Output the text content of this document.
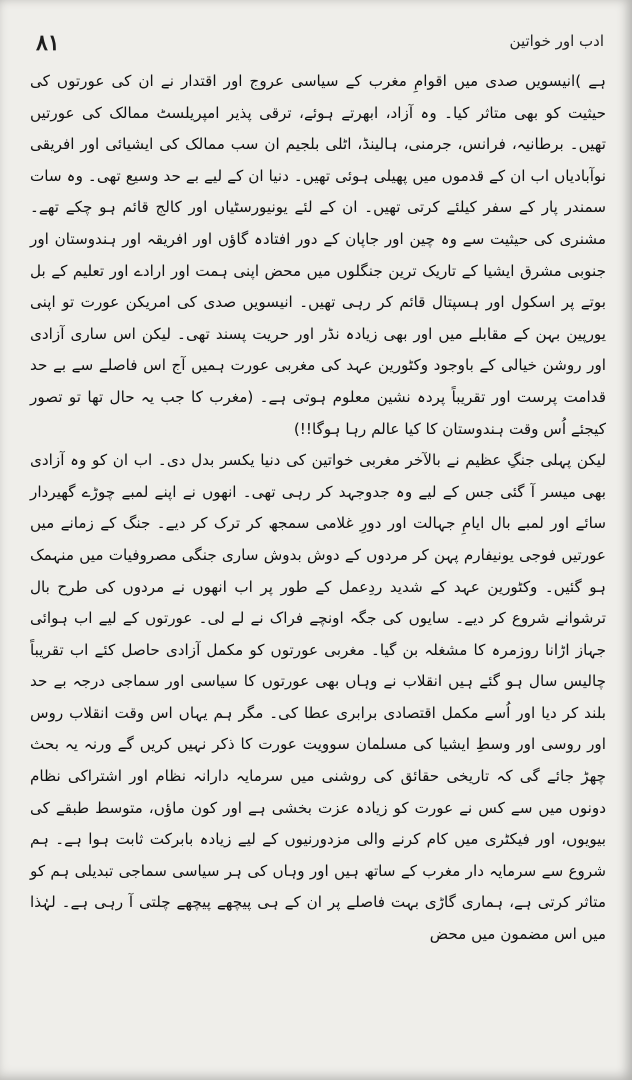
۸۱	ادب اور خواتین

ہے )انیسویں صدی میں اقوامِ مغرب کے سیاسی عروج اور اقتدار نے ان کی عورتوں کی حیثیت کو بھی متاثر کیا۔ وہ آزاد، ابھرتے ہوئے، ترقی پذیر امپریلسٹ ممالک کی عورتیں تھیں۔ برطانیہ، فرانس، جرمنی، ہالینڈ، اٹلی بلجیم ان سب ممالک کی ایشیائی اور افریقی نوآبادیاں اب ان کے قدموں میں پھیلی ہوئی تھیں۔ دنیا ان کے لیے بے حد وسیع تھی۔ وہ سات سمندر پار کے سفر کیلئے کرتی تھیں۔ ان کے لئے یونیورسٹیاں اور کالج قائم ہو چکے تھے۔ مشنری کی حیثیت سے وہ چین اور جاپان کے دور افتادہ گاؤں اور افریقہ اور ہندوستان اور جنوبی مشرق ایشیا کے تاریک ترین جنگلوں میں محض اپنی ہمت اور ارادے اور تعلیم کے بل بوتے پر اسکول اور ہسپتال قائم کر رہی تھیں۔ انیسویں صدی کی امریکن عورت تو اپنی یورپین بہن کے مقابلے میں اور بھی زیادہ نڈر اور حریت پسند تھی۔ لیکن اس ساری آزادی اور روشن خیالی کے باوجود وکٹورین عہد کی مغربی عورت ہمیں آج اس فاصلے سے بے حد قدامت پرست اور تقریباً پردہ نشین معلوم ہوتی ہے۔ (مغرب کا جب یہ حال تھا تو تصور کیجئے اُس وقت ہندوستان کا کیا عالم رہا ہوگا!!)

لیکن پہلی جنگِ عظیم نے بالآخر مغربی خواتین کی دنیا یکسر بدل دی۔ اب ان کو وہ آزادی بھی میسر آ گئی جس کے لیے وہ جدوجہد کر رہی تھی۔ انھوں نے اپنے لمبے چوڑے گھیردار سائے اور لمبے بال ایامِ جہالت اور دورِ غلامی سمجھ کر ترک کر دیے۔ جنگ کے زمانے میں عورتیں فوجی یونیفارم پہن کر مردوں کے دوش بدوش ساری جنگی مصروفیات میں منہمک ہو گئیں۔ وکٹورین عہد کے شدید ردِعمل کے طور پر اب انھوں نے مردوں کی طرح بال ترشوانے شروع کر دیے۔ سایوں کی جگہ اونچے فراک نے لے لی۔ عورتوں کے لیے اب ہوائی جہاز اڑانا روزمرہ کا مشغلہ بن گیا۔ مغربی عورتوں کو مکمل آزادی حاصل کئے اب تقریباً چالیس سال ہو گئے ہیں انقلاب نے وہاں بھی عورتوں کا سیاسی اور سماجی درجہ بے حد بلند کر دیا اور اُسے مکمل اقتصادی برابری عطا کی۔ مگر ہم یہاں اس وقت انقلاب روس اور روسی اور وسطِ ایشیا کی مسلمان سوویت عورت کا ذکر نہیں کریں گے ورنہ یہ بحث چھڑ جائے گی کہ تاریخی حقائق کی روشنی میں سرمایہ دارانہ نظام اور اشتراکی نظام دونوں میں سے کس نے عورت کو زیادہ عزت بخشی ہے اور کون ماؤں، متوسط طبقے کی بیویوں، اور فیکٹری میں کام کرنے والی مزدورنیوں کے لیے زیادہ بابرکت ثابت ہوا ہے۔ ہم شروع سے سرمایہ دار مغرب کے ساتھ ہیں اور وہاں کی ہر سیاسی سماجی تبدیلی ہم کو متاثر کرتی ہے، ہماری گاڑی بہت فاصلے پر ان کے ہی پیچھے پیچھے چلتی آ رہی ہے۔ لہٰذا میں اس مضمون میں محض
